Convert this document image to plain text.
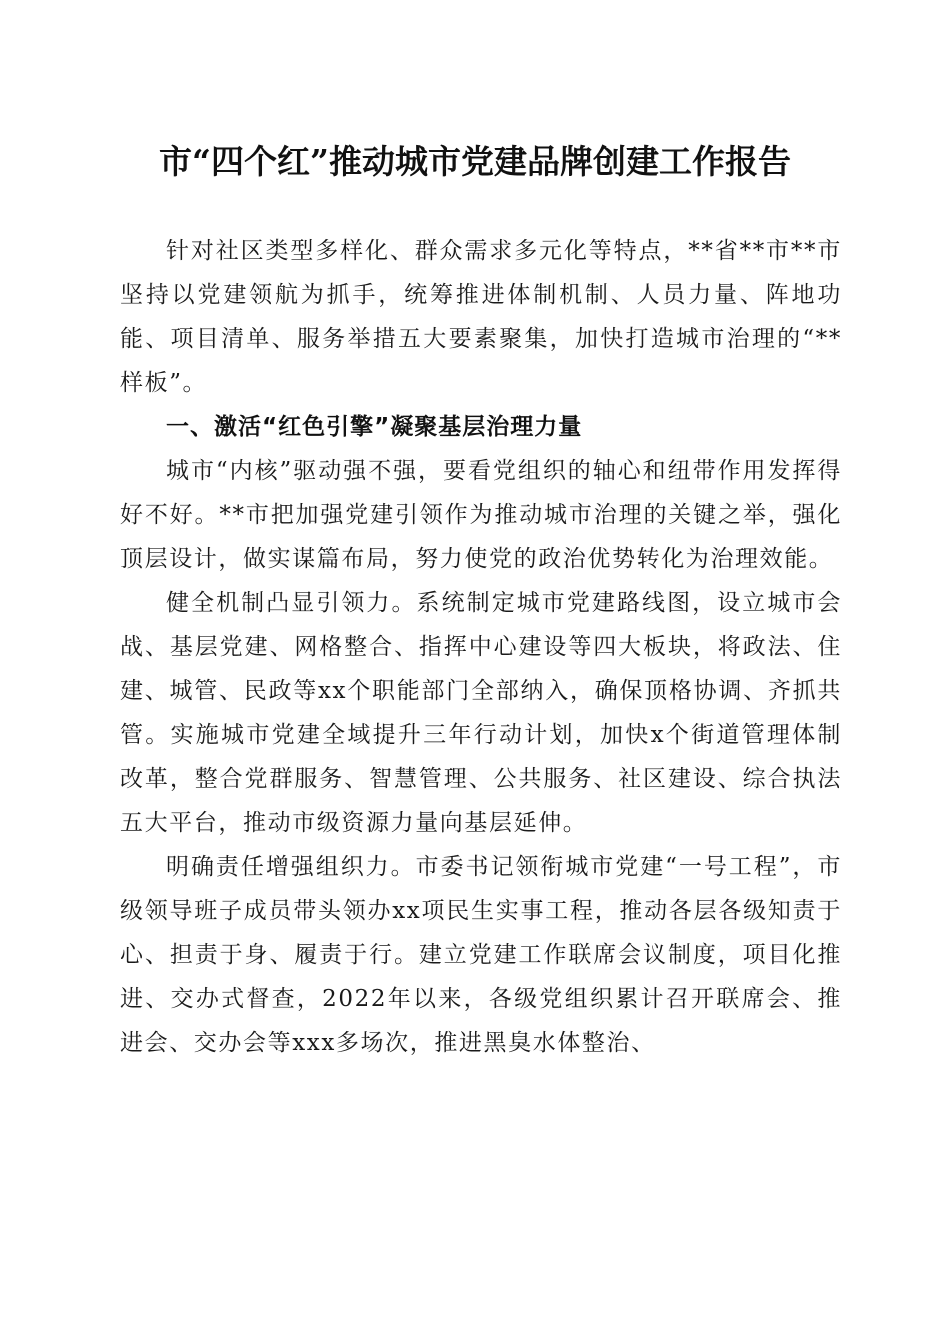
市“四个红”推动城市党建品牌创建工作报告

针对社区类型多样化、群众需求多元化等特点，**省**市**市坚持以党建领航为抓手，统筹推进体制机制、人员力量、阵地功能、项目清单、服务举措五大要素聚集，加快打造城市治理的“**样板”。

一、激活“红色引擎”凝聚基层治理力量

城市“内核”驱动强不强，要看党组织的轴心和纽带作用发挥得好不好。**市把加强党建引领作为推动城市治理的关键之举，强化顶层设计，做实谋篇布局，努力使党的政治优势转化为治理效能。

健全机制凸显引领力。系统制定城市党建路线图，设立城市会战、基层党建、网格整合、指挥中心建设等四大板块，将政法、住建、城管、民政等xx个职能部门全部纳入，确保顶格协调、齐抓共管。实施城市党建全域提升三年行动计划，加快x个街道管理体制改革，整合党群服务、智慧管理、公共服务、社区建设、综合执法五大平台，推动市级资源力量向基层延伸。

明确责任增强组织力。市委书记领衔城市党建“一号工程”，市级领导班子成员带头领办xx项民生实事工程，推动各层各级知责于心、担责于身、履责于行。建立党建工作联席会议制度，项目化推进、交办式督查，2022年以来，各级党组织累计召开联席会、推进会、交办会等xxx多场次，推进黑臭水体整治、
